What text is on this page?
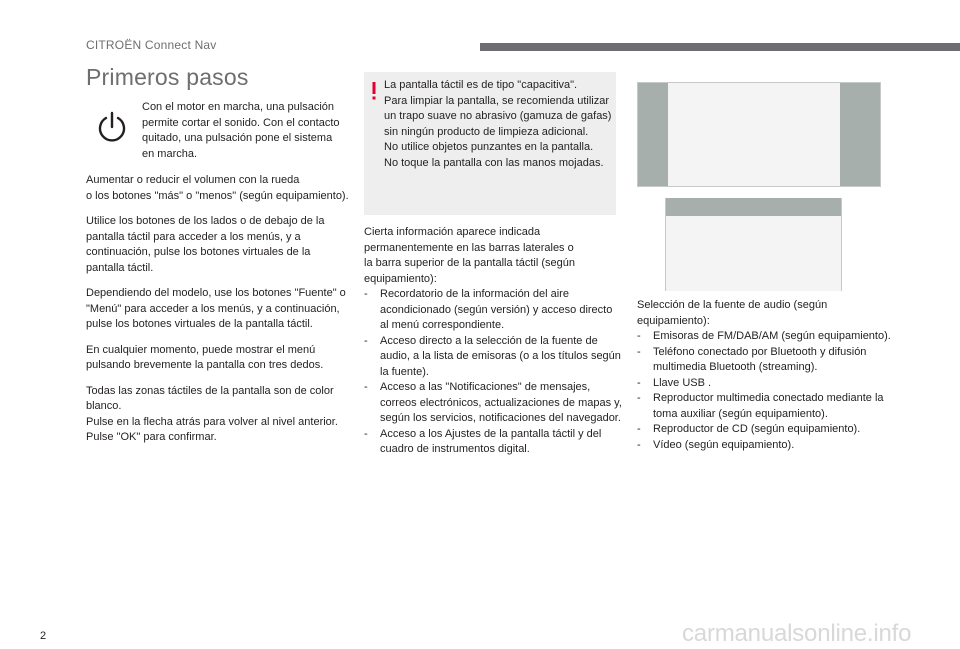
CITROËN Connect Nav
Primeros pasos
Con el motor en marcha, una pulsación permite cortar el sonido. Con el contacto quitado, una pulsación pone el sistema en marcha.

Aumentar o reducir el volumen con la rueda
o los botones "más" o "menos" (según equipamiento).

Utilice los botones de los lados o de debajo de la pantalla táctil para acceder a los menús, y a continuación, pulse los botones virtuales de la pantalla táctil.

Dependiendo del modelo, use los botones "Fuente" o "Menú" para acceder a los menús, y a continuación, pulse los botones virtuales de la pantalla táctil.

En cualquier momento, puede mostrar el menú pulsando brevemente la pantalla con tres dedos.

Todas las zonas táctiles de la pantalla son de color blanco.
Pulse en la flecha atrás para volver al nivel anterior.
Pulse "OK" para confirmar.

La pantalla táctil es de tipo "capacitiva".
Para limpiar la pantalla, se recomienda utilizar un trapo suave no abrasivo (gamuza de gafas) sin ningún producto de limpieza adicional.
No utilice objetos punzantes en la pantalla.
No toque la pantalla con las manos mojadas.
Cierta información aparece indicada permanentemente en las barras laterales o
la barra superior de la pantalla táctil (según equipamiento):
- Recordatorio de la información del aire acondicionado (según versión) y acceso directo al menú correspondiente.
- Acceso directo a la selección de la fuente de audio, a la lista de emisoras (o a los títulos según la fuente).
- Acceso a las "Notificaciones" de mensajes, correos electrónicos, actualizaciones de mapas y, según los servicios, notificaciones del navegador.
- Acceso a los Ajustes de la pantalla táctil y del cuadro de instrumentos digital.
Selección de la fuente de audio (según equipamiento):
- Emisoras de FM/DAB/AM (según equipamiento).
- Teléfono conectado por Bluetooth y difusión multimedia Bluetooth (streaming).
- Llave USB .
- Reproductor multimedia conectado mediante la toma auxiliar (según equipamiento).
- Reproductor de CD (según equipamiento).
- Vídeo (según equipamiento).
2	carmanualsonline.info
